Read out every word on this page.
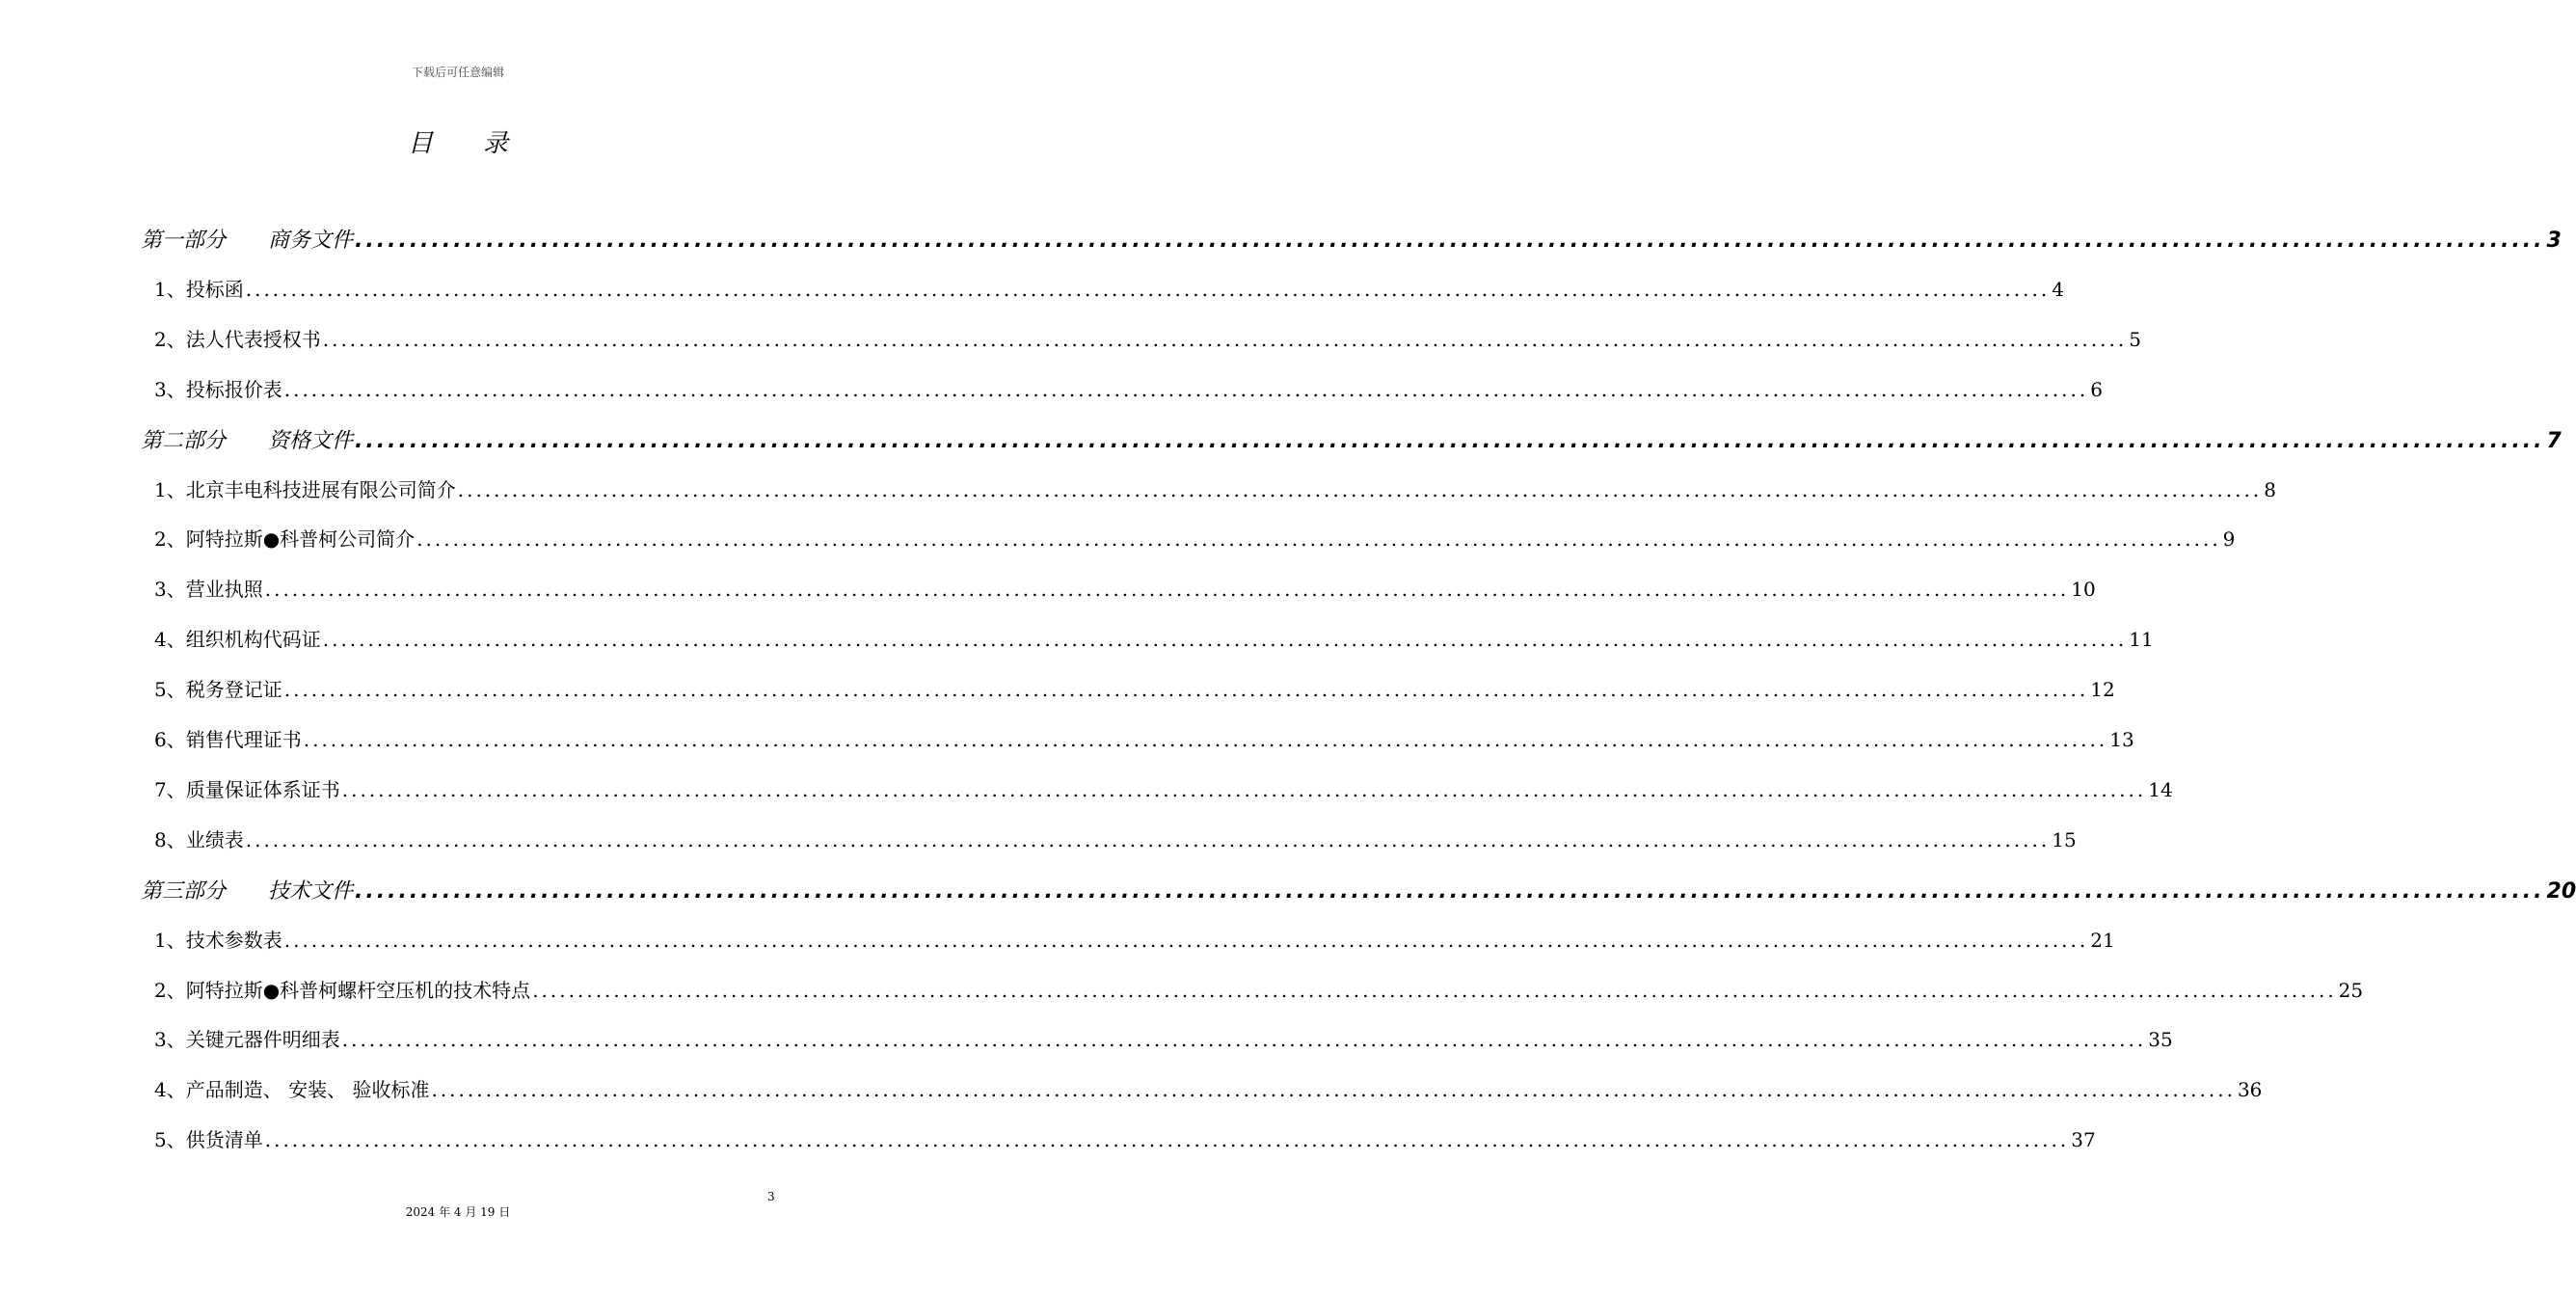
下载后可任意编辑
目 录
第一部分 商务文件 ........................................................................................................................................................................................................ 3
1、 投标函 ........................................................................................................................................................................................................ 4
2、 法人代表授权书 ........................................................................................................................................................................................................ 5
3、 投标报价表 ........................................................................................................................................................................................................ 6
第二部分 资格文件 ........................................................................................................................................................................................................ 7
1、 北京丰电科技进展有限公司简介 ........................................................................................................................................................................................................ 8
2、 阿特拉斯●科普柯公司简介 ........................................................................................................................................................................................................ 9
3、 营业执照 ........................................................................................................................................................................................................ 10
4、 组织机构代码证 ........................................................................................................................................................................................................ 11
5、 税务登记证 ........................................................................................................................................................................................................ 12
6、 销售代理证书 ........................................................................................................................................................................................................ 13
7、 质量保证体系证书 ........................................................................................................................................................................................................ 14
8、 业绩表 ........................................................................................................................................................................................................ 15
第三部分 技术文件 ........................................................................................................................................................................................................ 20
1、 技术参数表 ........................................................................................................................................................................................................ 21
2、 阿特拉斯●科普柯螺杆空压机的技术特点 ........................................................................................................................................................................................................ 25
3、 关键元器件明细表 ........................................................................................................................................................................................................ 35
4、 产品制造、 安装、 验收标准 ........................................................................................................................................................................................................ 36
5、 供货清单 ........................................................................................................................................................................................................ 37
3
2024 年 4 月 19 日
